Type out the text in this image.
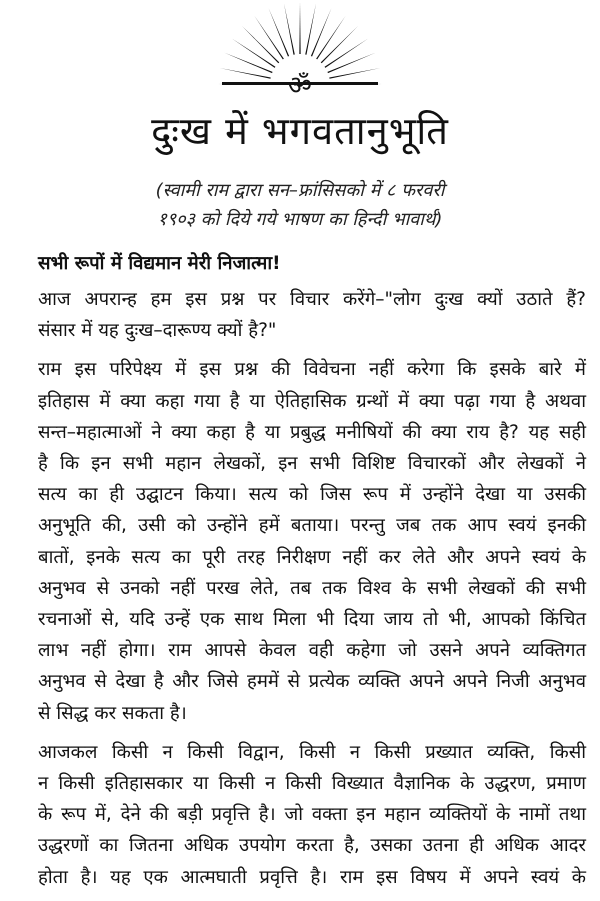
ॐ
दुःख में भगवतानुभूति
(स्वामी राम द्वारा सन–फ्रांसिसको में ८ फरवरी
१९०३ को दिये गये भाषण का हिन्दी भावार्थ)

सभी रूपों में विद्यमान मेरी निजात्मा!

आज अपरान्ह हम इस प्रश्न पर विचार करेंगे–"लोग दुःख क्यों उठाते हैं?
संसार में यह दुःख–दारूण्य क्यों है?"
राम इस परिपेक्ष्य में इस प्रश्न की विवेचना नहीं करेगा कि इसके बारे में
इतिहास में क्या कहा गया है या ऐतिहासिक ग्रन्थों में क्या पढ़ा गया है अथवा
सन्त–महात्माओं ने क्या कहा है या प्रबुद्ध मनीषियों की क्या राय है? यह सही
है कि इन सभी महान लेखकों, इन सभी विशिष्ट विचारकों और लेखकों ने
सत्य का ही उद्घाटन किया। सत्य को जिस रूप में उन्होंने देखा या उसकी
अनुभूति की, उसी को उन्होंने हमें बताया। परन्तु जब तक आप स्वयं इनकी
बातों, इनके सत्य का पूरी तरह निरीक्षण नहीं कर लेते और अपने स्वयं के
अनुभव से उनको नहीं परख लेते, तब तक विश्व के सभी लेखकों की सभी
रचनाओं से, यदि उन्हें एक साथ मिला भी दिया जाय तो भी, आपको किंचित
लाभ नहीं होगा। राम आपसे केवल वही कहेगा जो उसने अपने व्यक्तिगत
अनुभव से देखा है और जिसे हममें से प्रत्येक व्यक्ति अपने अपने निजी अनुभव
से सिद्ध कर सकता है।
आजकल किसी न किसी विद्वान, किसी न किसी प्रख्यात व्यक्ति, किसी
न किसी इतिहासकार या किसी न किसी विख्यात वैज्ञानिक के उद्धरण, प्रमाण
के रूप में, देने की बड़ी प्रवृत्ति है। जो वक्ता इन महान व्यक्तियों के नामों तथा
उद्धरणों का जितना अधिक उपयोग करता है, उसका उतना ही अधिक आदर
होता है। यह एक आत्मघाती प्रवृत्ति है। राम इस विषय में अपने स्वयं के
